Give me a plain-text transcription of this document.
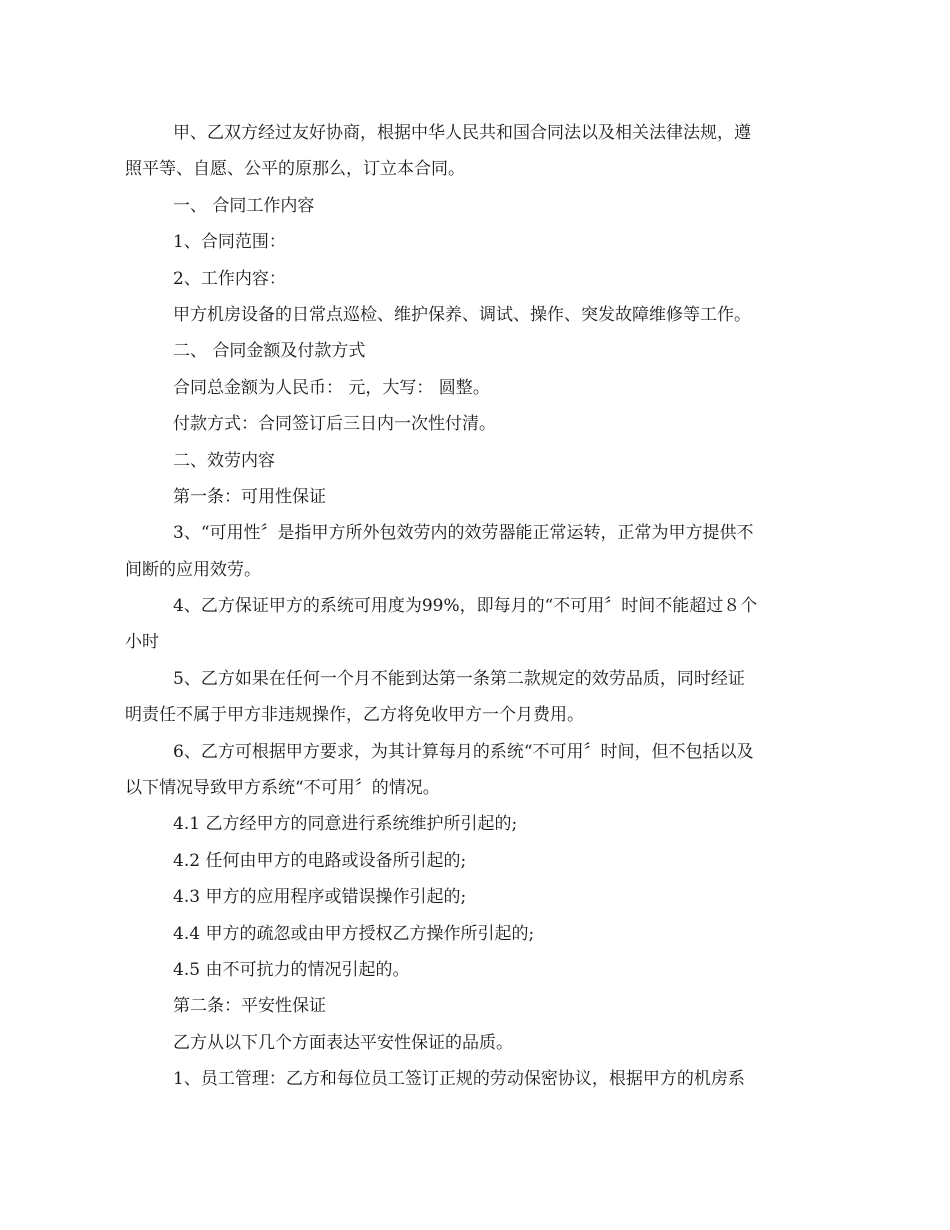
甲、乙双方经过友好协商，根据中华人民共和国合同法以及相关法律法规，遵
照平等、自愿、公平的原那么，订立本合同。
一、 合同工作内容
1、合同范围：
2、工作内容：
甲方机房设备的日常点巡检、维护保养、调试、操作、突发故障维修等工作。
二、 合同金额及付款方式
合同总金额为人民币： 元，大写： 圆整。
付款方式：合同签订后三日内一次性付清。
二、效劳内容
第一条：可用性保证
3、“可用性〞是指甲方所外包效劳内的效劳器能正常运转，正常为甲方提供不
间断的应用效劳。
4、乙方保证甲方的系统可用度为99%，即每月的“不可用〞时间不能超过８个
小时
5、乙方如果在任何一个月不能到达第一条第二款规定的效劳品质，同时经证
明责任不属于甲方非违规操作，乙方将免收甲方一个月费用。
6、乙方可根据甲方要求，为其计算每月的系统“不可用〞时间，但不包括以及
以下情况导致甲方系统“不可用〞的情况。
4.1 乙方经甲方的同意进行系统维护所引起的;
4.2 任何由甲方的电路或设备所引起的;
4.3 甲方的应用程序或错误操作引起的;
4.4 甲方的疏忽或由甲方授权乙方操作所引起的;
4.5 由不可抗力的情况引起的。
第二条：平安性保证
乙方从以下几个方面表达平安性保证的品质。
1、员工管理：乙方和每位员工签订正规的劳动保密协议，根据甲方的机房系
